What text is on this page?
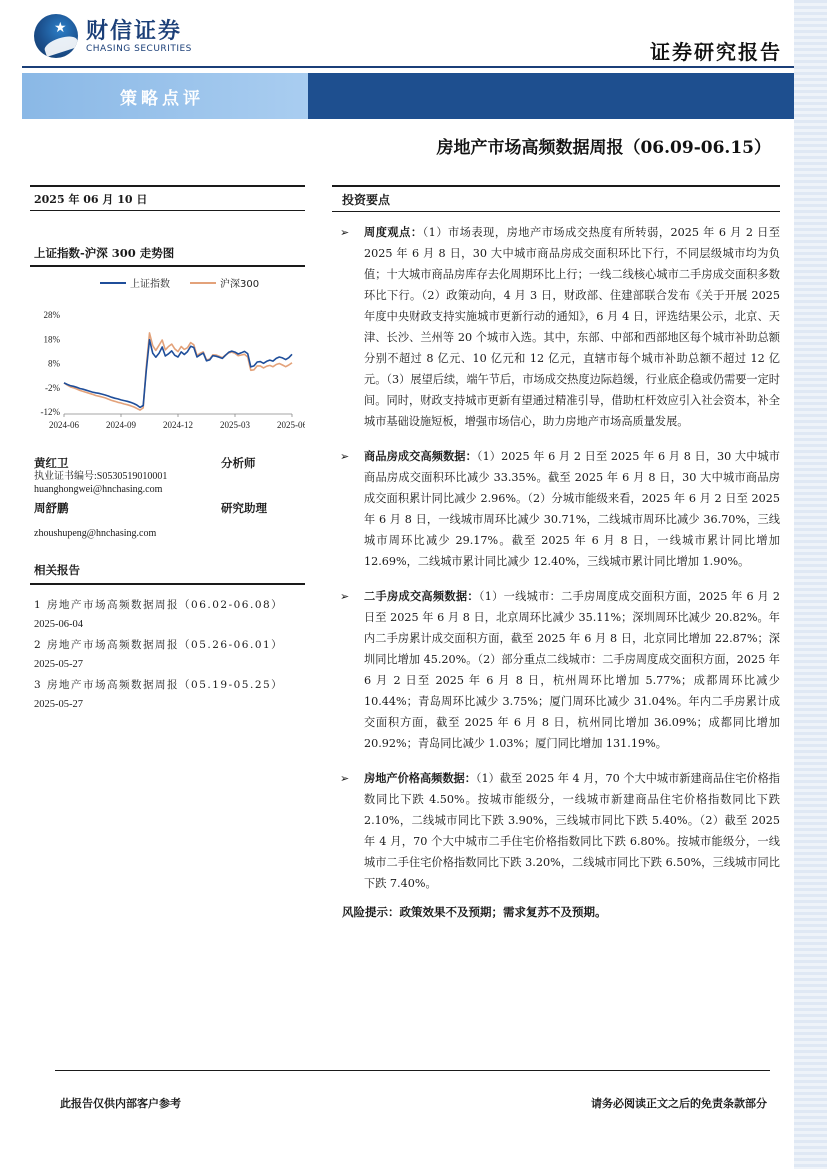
★ 财信证券
CHASING SECURITIES	证券研究报告
策略点评
房地产市场高频数据周报（06.09-06.15）
2025 年 06 月 10 日
上证指数-沪深 300 走势图
上证指数	沪深300
28%
18%
8%
-2%
-12%
2024-06	2024-09	2024-12	2025-03	2025-06
黄红卫	分析师
执业证书编号:S0530519010001
huanghongwei@hnchasing.com
周舒鹏	研究助理
zhoushupeng@hnchasing.com
相关报告
1 房地产市场高频数据周报（06.02-06.08）
2025-06-04
2 房地产市场高频数据周报（05.26-06.01）
2025-05-27
3 房地产市场高频数据周报（05.19-05.25）
2025-05-27
投资要点
➢ 周度观点：（1）市场表现，房地产市场成交热度有所转弱，2025 年 6 月 2 日至 2025 年 6 月 8 日，30 大中城市商品房成交面积环比下行，不同层级城市均为负值；十大城市商品房库存去化周期环比上行；一线二线核心城市二手房成交面积多数环比下行。（2）政策动向，4 月 3 日，财政部、住建部联合发布《关于开展 2025 年度中央财政支持实施城市更新行动的通知》，6 月 4 日，评选结果公示，北京、天津、长沙、兰州等 20 个城市入选。其中，东部、中部和西部地区每个城市补助总额分别不超过 8 亿元、10 亿元和 12 亿元，直辖市每个城市补助总额不超过 12 亿元。（3）展望后续，端午节后，市场成交热度边际趋缓，行业底企稳或仍需要一定时间。同时，财政支持城市更新有望通过精准引导，借助杠杆效应引入社会资本，补全城市基础设施短板，增强市场信心，助力房地产市场高质量发展。
➢ 商品房成交高频数据：（1）2025 年 6 月 2 日至 2025 年 6 月 8 日，30 大中城市商品房成交面积环比减少 33.35%。截至 2025 年 6 月 8 日，30 大中城市商品房成交面积累计同比减少 2.96%。（2）分城市能级来看，2025 年 6 月 2 日至 2025 年 6 月 8 日，一线城市周环比减少 30.71%，二线城市周环比减少 36.70%，三线城市周环比减少 29.17%。截至 2025 年 6 月 8 日，一线城市累计同比增加 12.69%，二线城市累计同比减少 12.40%，三线城市累计同比增加 1.90%。
➢ 二手房成交高频数据：（1）一线城市：二手房周度成交面积方面，2025 年 6 月 2 日至 2025 年 6 月 8 日，北京周环比减少 35.11%；深圳周环比减少 20.82%。年内二手房累计成交面积方面，截至 2025 年 6 月 8 日，北京同比增加 22.87%；深圳同比增加 45.20%。（2）部分重点二线城市：二手房周度成交面积方面，2025 年 6 月 2 日至 2025 年 6 月 8 日，杭州周环比增加 5.77%；成都周环比减少 10.44%；青岛周环比减少 3.75%；厦门周环比减少 31.04%。年内二手房累计成交面积方面，截至 2025 年 6 月 8 日，杭州同比增加 36.09%；成都同比增加 20.92%；青岛同比减少 1.03%；厦门同比增加 131.19%。
➢ 房地产价格高频数据：（1）截至 2025 年 4 月，70 个大中城市新建商品住宅价格指数同比下跌 4.50%。按城市能级分，一线城市新建商品住宅价格指数同比下跌 2.10%，二线城市同比下跌 3.90%，三线城市同比下跌 5.40%。（2）截至 2025 年 4 月，70 个大中城市二手住宅价格指数同比下跌 6.80%。按城市能级分，一线城市二手住宅价格指数同比下跌 3.20%，二线城市同比下跌 6.50%，三线城市同比下跌 7.40%。
风险提示：政策效果不及预期；需求复苏不及预期。
此报告仅供内部客户参考	请务必阅读正文之后的免责条款部分
